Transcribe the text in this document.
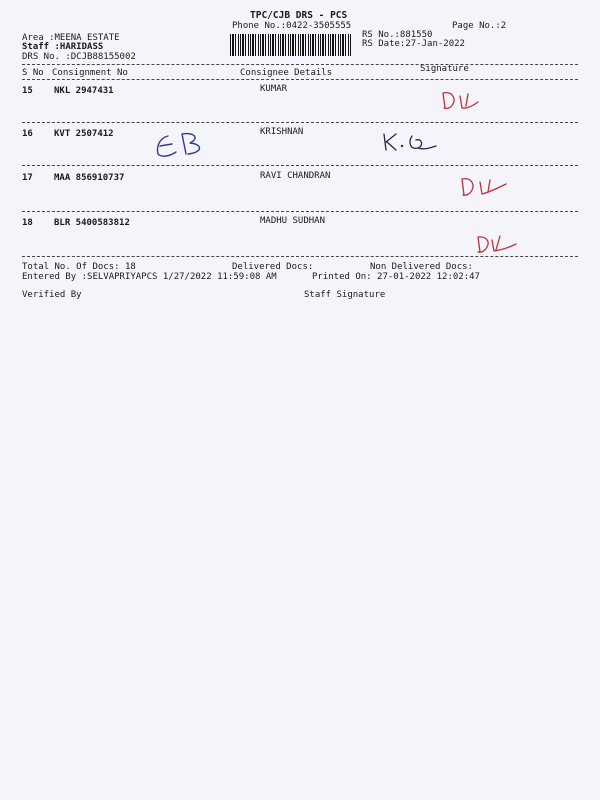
TPC/CJB DRS - PCS
Phone No.:0422-3505555	Page No.:2
Area :MEENA ESTATE
Staff :HARIDASS
DRS No. :DCJB88155002
RS No.:881550
RS Date:27-Jan-2022
S No Consignment No	Consignee Details	Signature
15 NKL 2947431	KUMAR
16 KVT 2507412	KRISHNAN
17 MAA 856910737	RAVI CHANDRAN
18 BLR 5400583812	MADHU SUDHAN
Total No. Of Docs: 18	Delivered Docs:	Non Delivered Docs:
Entered By :SELVAPRIYAPCS 1/27/2022 11:59:08 AM	Printed On: 27-01-2022 12:02:47
Verified By	Staff Signature
